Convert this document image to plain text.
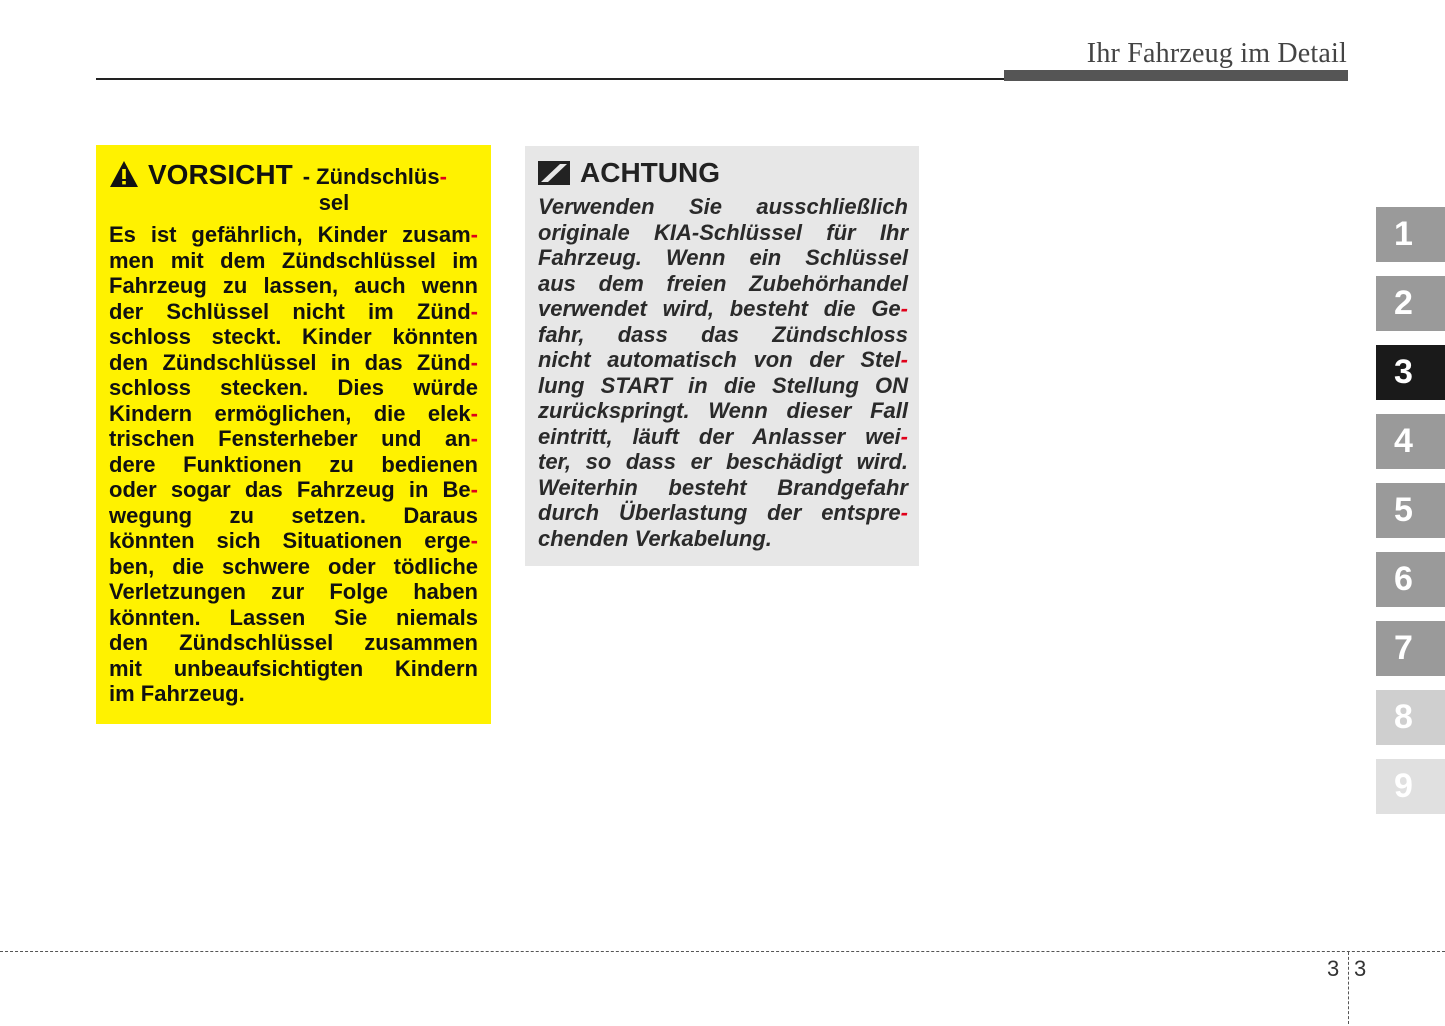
Ihr Fahrzeug im Detail
VORSICHT - Zündschlüs-
sel
Es ist gefährlich, Kinder zusam-
men mit dem Zündschlüssel im
Fahrzeug zu lassen, auch wenn
der Schlüssel nicht im Zünd-
schloss steckt. Kinder könnten
den Zündschlüssel in das Zünd-
schloss stecken. Dies würde
Kindern ermöglichen, die elek-
trischen Fensterheber und an-
dere Funktionen zu bedienen
oder sogar das Fahrzeug in Be-
wegung zu setzen. Daraus
könnten sich Situationen erge-
ben, die schwere oder tödliche
Verletzungen zur Folge haben
könnten. Lassen Sie niemals
den Zündschlüssel zusammen
mit unbeaufsichtigten Kindern
im Fahrzeug.
ACHTUNG
Verwenden Sie ausschließlich
originale KIA-Schlüssel für Ihr
Fahrzeug. Wenn ein Schlüssel
aus dem freien Zubehörhandel
verwendet wird, besteht die Ge-
fahr, dass das Zündschloss
nicht automatisch von der Stel-
lung START in die Stellung ON
zurückspringt. Wenn dieser Fall
eintritt, läuft der Anlasser wei-
ter, so dass er beschädigt wird.
Weiterhin besteht Brandgefahr
durch Überlastung der entspre-
chenden Verkabelung.
1
2
3
4
5
6
7
8
9
3 3
